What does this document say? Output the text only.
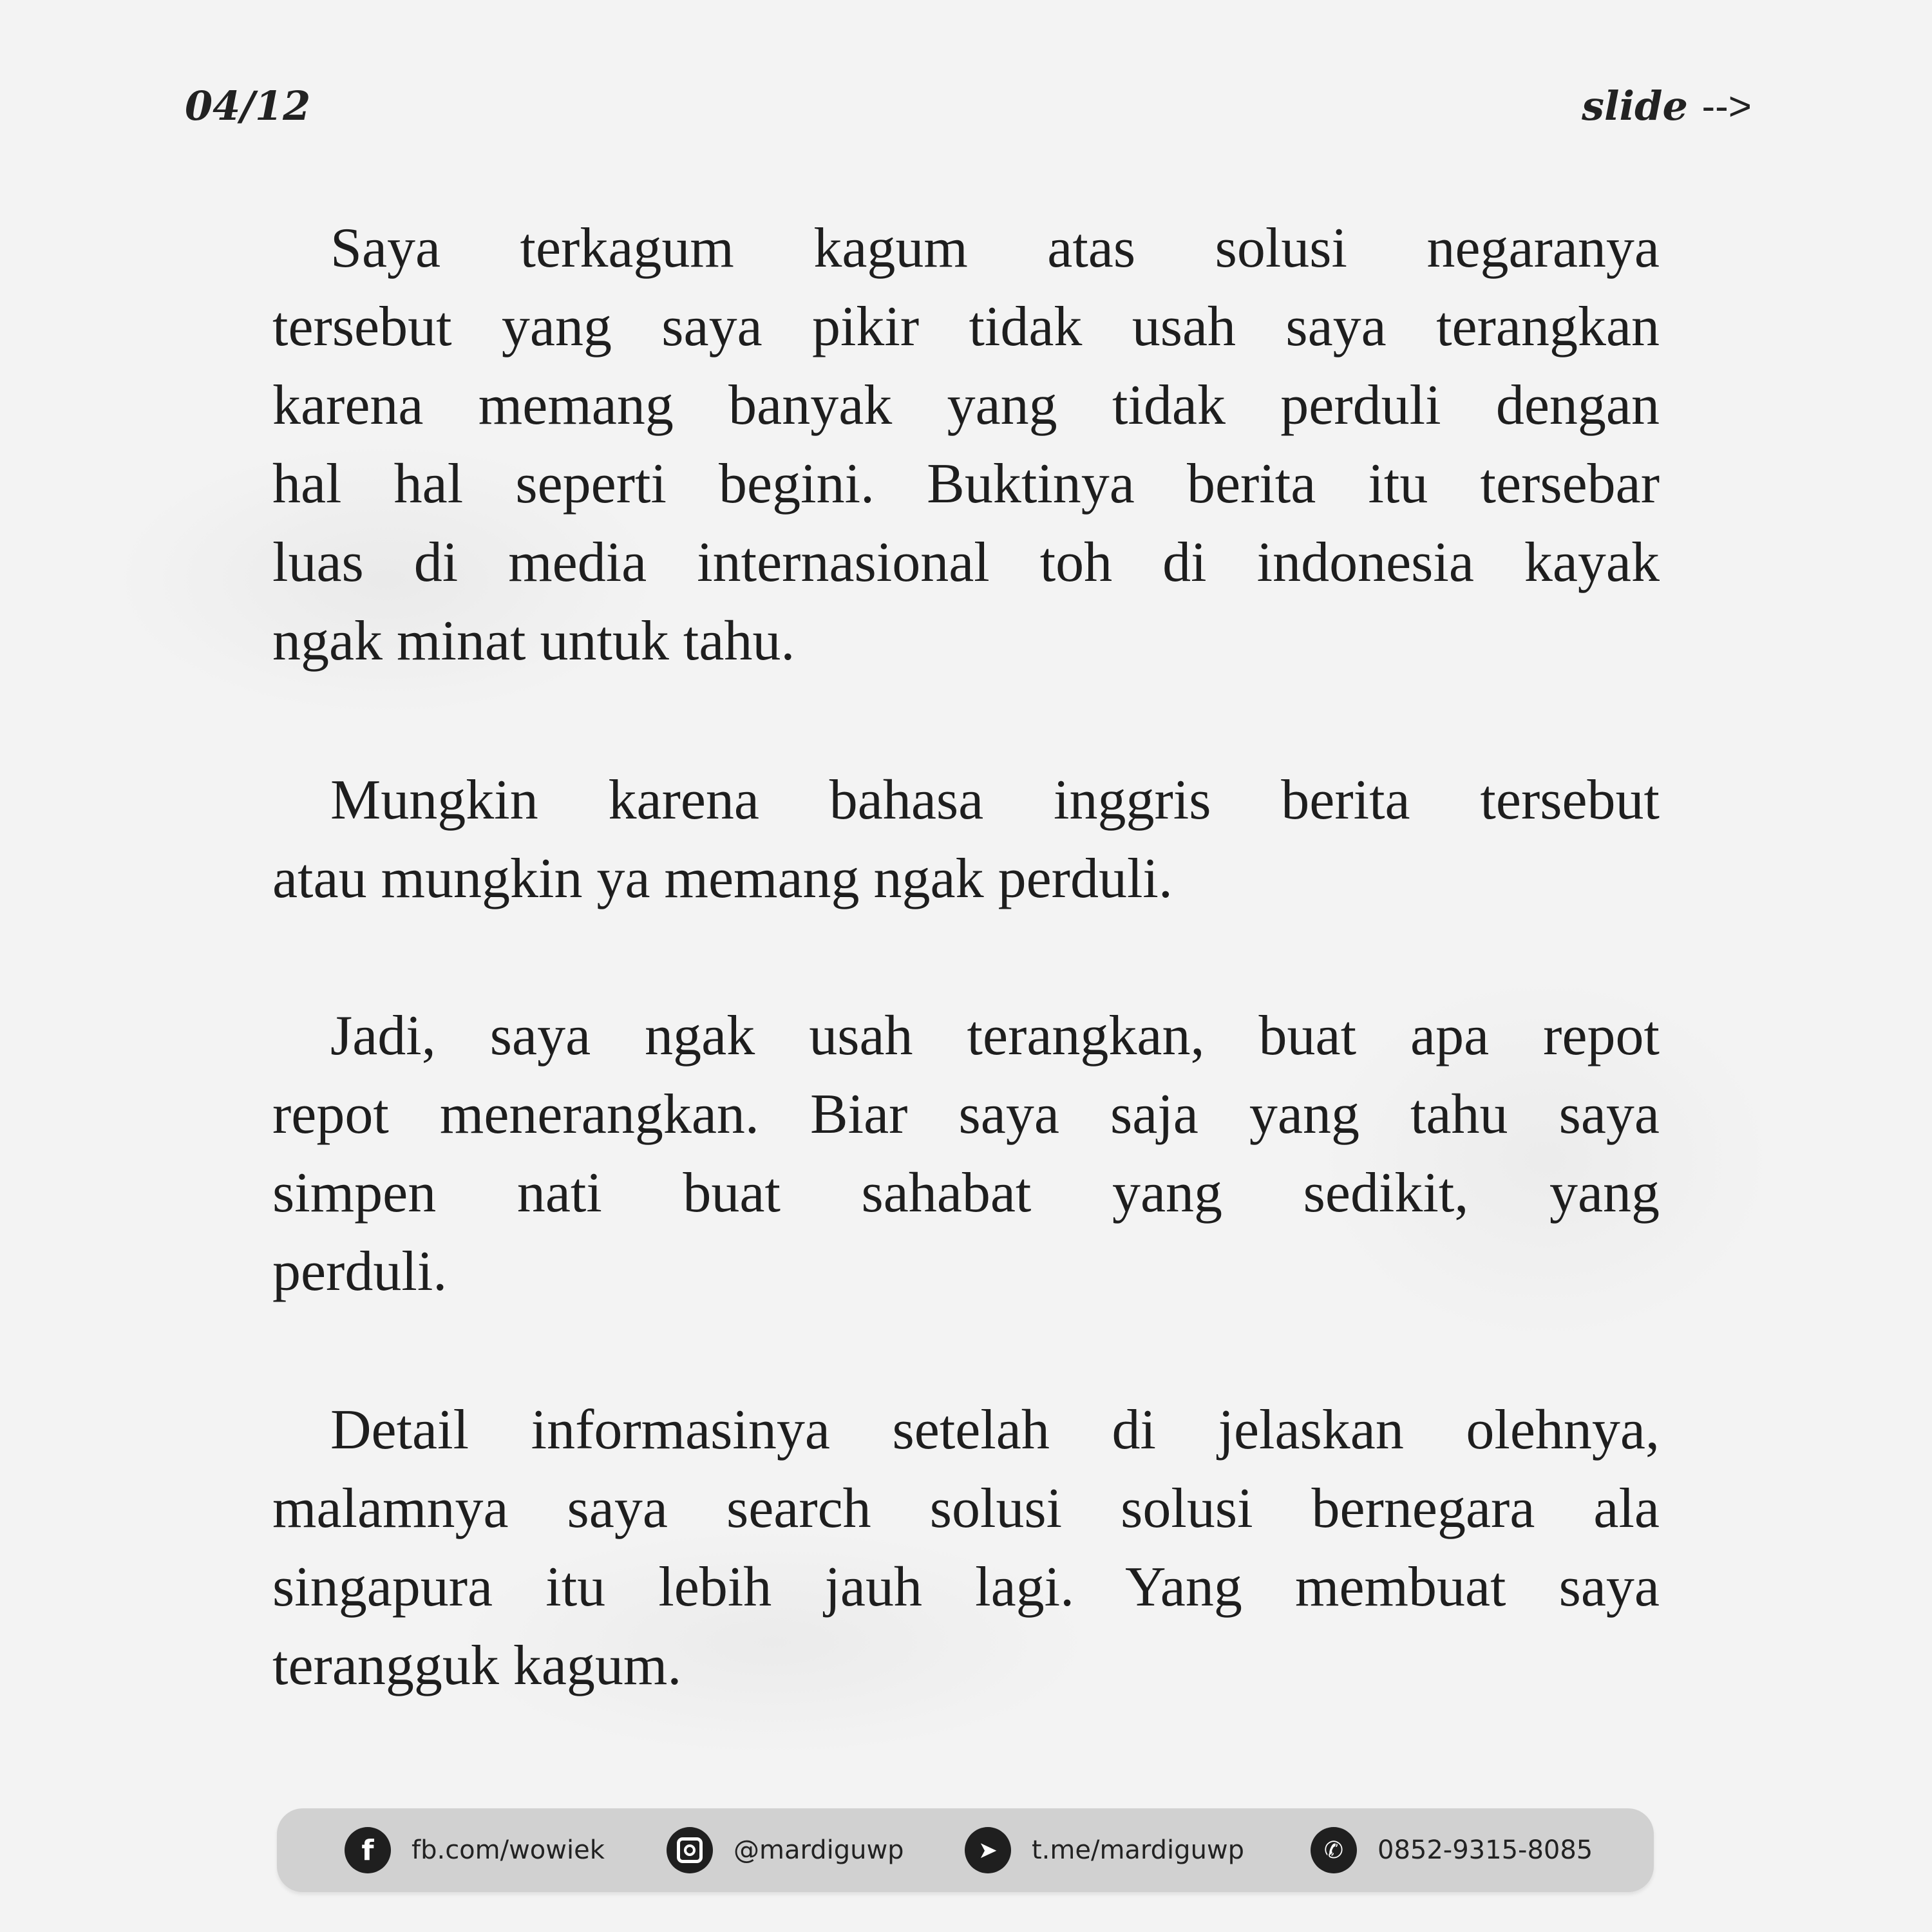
04/12	slide -->
Saya terkagum kagum atas solusi negaranya
tersebut yang saya pikir tidak usah saya terangkan
karena memang banyak yang tidak perduli dengan
hal hal seperti begini. Buktinya berita itu tersebar
luas di media internasional toh di indonesia kayak
ngak minat untuk tahu.
Mungkin karena bahasa inggris berita tersebut
atau mungkin ya memang ngak perduli.
Jadi, saya ngak usah terangkan, buat apa repot
repot menerangkan. Biar saya saja yang tahu saya
simpen nati buat sahabat yang sedikit, yang
perduli.
Detail informasinya setelah di jelaskan olehnya,
malamnya saya search solusi solusi bernegara ala
singapura itu lebih jauh lagi. Yang membuat saya
terangguk kagum.
f	fb.com/wowiek	@mardiguwp	➤	t.me/mardiguwp	✆	0852-9315-8085
